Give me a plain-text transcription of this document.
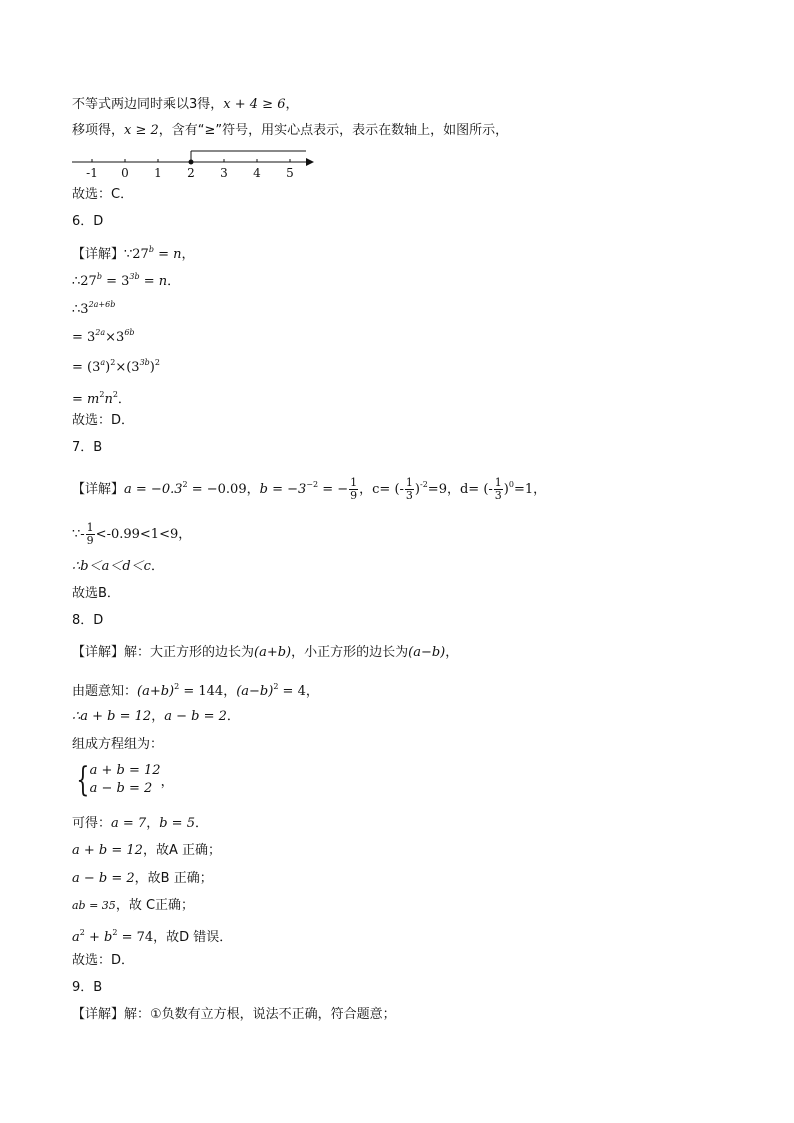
不等式两边同时乘以3得，x + 4 ≥ 6，
移项得，x ≥ 2，含有“≥”符号，用实心点表示，表示在数轴上，如图所示，
-1 0 1 2 3 4 5
故选：C．
6．D
【详解】$\because 27^b = n$，
$\therefore 27^b = 3^{3b} = n$．
$\therefore 3^{2a+6b}$
= $3^{2a}\times 3^{6b}$
= $(3^a)^2\times(3^{3b})^2$
= $m^2n^2$．
故选：D．
7．B
【详解】$a = -0.3^2 = -0.09$，$b = -3^{-2}$ = − $\frac{1}{9}$ ，c= (- $\frac{1}{3} )^{-2}=9$，d= (- $\frac{1}{3} )^0=1$，
∵- $\frac{1}{9} <-0.99<1<9$，
∴b＜a＜d＜c．
故选B．
8．D
【详解】解：大正方形的边长为(a+b)，小正方形的边长为(a−b)，
由题意知：$(a+b)^2 = 144$，$(a-b)^2 = 4$，
∴a + b = 12，a − b = 2．
组成方程组为：
{ a + b = 12
a − b = 2 ，
可得：a = 7，b = 5．
a + b = 12，故A 正确；
a − b = 2，故B 正确；
ab = 35，故 C正确；
$a^2 + b^2 = 74$，故D 错误．
故选：D．
9．B
【详解】解：①负数有立方根，说法不正确，符合题意；
